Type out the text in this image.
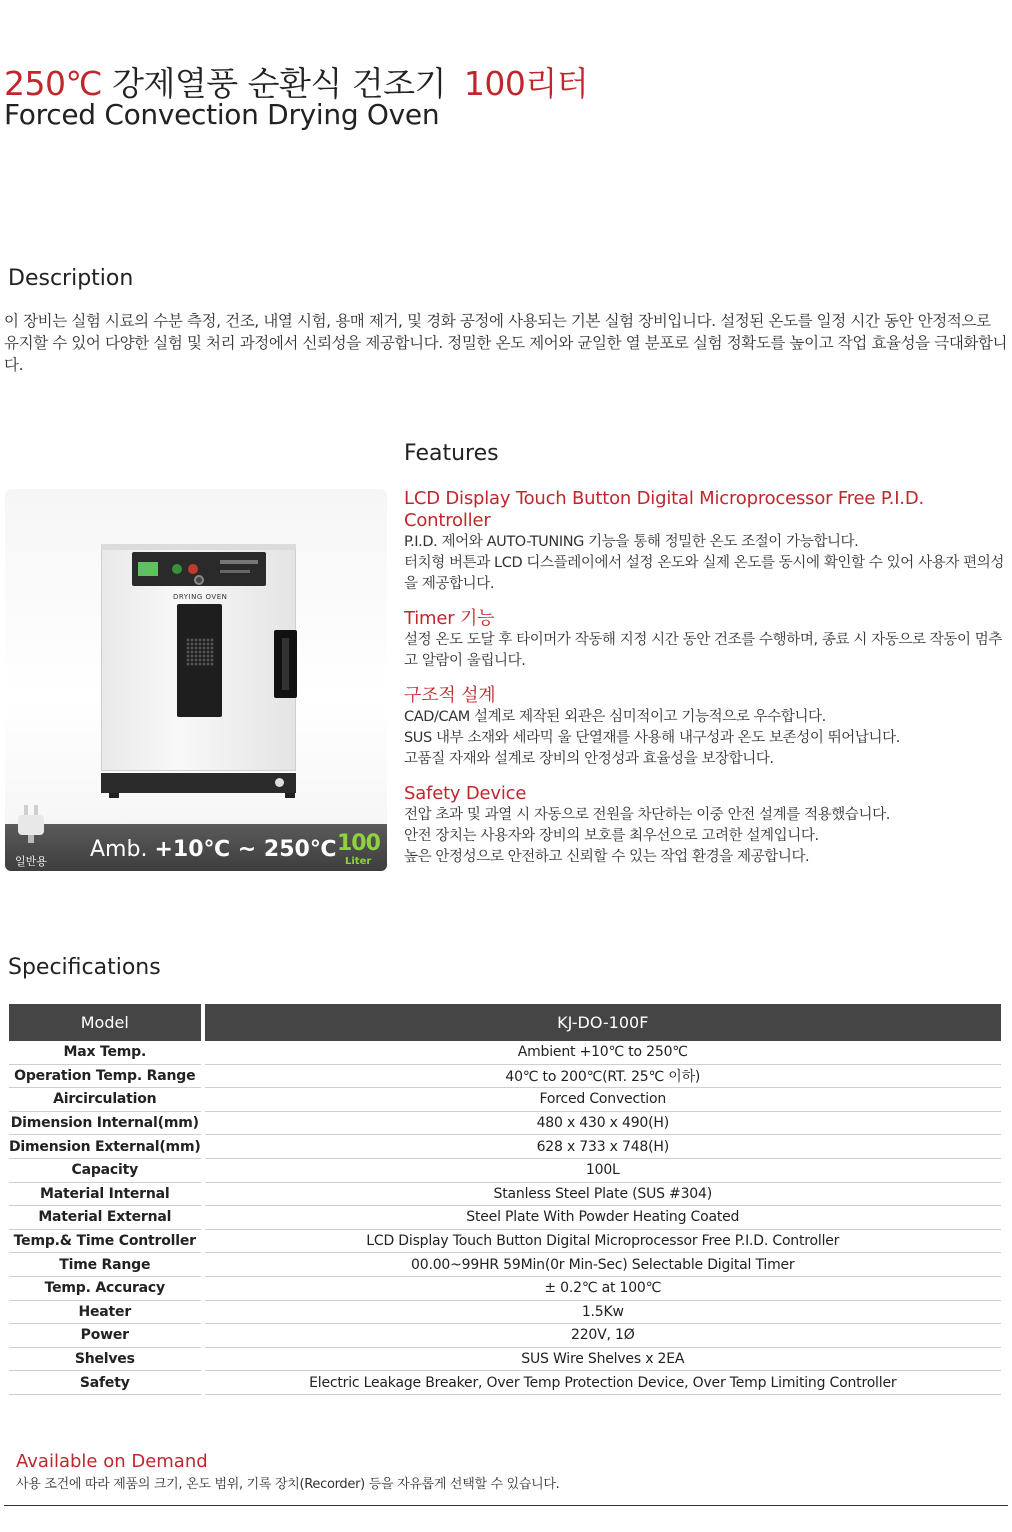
250℃ 강제열풍 순환식 건조기 100리터
Forced Convection Drying Oven
Description
이 장비는 실험 시료의 수분 측정, 건조, 내열 시험, 용매 제거, 및 경화 공정에 사용되는 기본 실험 장비입니다. 설정된 온도를 일정 시간 동안 안정적으로 유지할 수 있어 다양한 실험 및 처리 과정에서 신뢰성을 제공합니다. 정밀한 온도 제어와 균일한 열 분포로 실험 정확도를 높이고 작업 효율성을 극대화합니다.
DRYING OVEN
일반용 Amb. +10℃ ~ 250℃ 100
Liter
Features
LCD Display Touch Button Digital Microprocessor Free P.I.D. Controller

P.I.D. 제어와 AUTO-TUNING 기능을 통해 정밀한 온도 조절이 가능합니다.

터치형 버튼과 LCD 디스플레이에서 설정 온도와 실제 온도를 동시에 확인할 수 있어 사용자 편의성을 제공합니다.

Timer 기능

설정 온도 도달 후 타이머가 작동해 지정 시간 동안 건조를 수행하며, 종료 시 자동으로 작동이 멈추고 알람이 울립니다.

구조적 설계

CAD/CAM 설계로 제작된 외관은 심미적이고 기능적으로 우수합니다.

SUS 내부 소재와 세라믹 울 단열재를 사용해 내구성과 온도 보존성이 뛰어납니다.

고품질 자재와 설계로 장비의 안정성과 효율성을 보장합니다.

Safety Device

전압 초과 및 과열 시 자동으로 전원을 차단하는 이중 안전 설계를 적용했습니다.

안전 장치는 사용자와 장비의 보호를 최우선으로 고려한 설계입니다.

높은 안정성으로 안전하고 신뢰할 수 있는 작업 환경을 제공합니다.

Specifications
Model		KJ-DO-100F
Max Temp.		Ambient +10℃ to 250℃
Operation Temp. Range		40℃ to 200℃(RT. 25℃ 이하)
Aircirculation		Forced Convection
Dimension Internal(mm)		480 x 430 x 490(H)
Dimension External(mm)		628 x 733 x 748(H)
Capacity		100L
Material Internal		Stanless Steel Plate (SUS #304)
Material External		Steel Plate With Powder Heating Coated
Temp.& Time Controller		LCD Display Touch Button Digital Microprocessor Free P.I.D. Controller
Time Range		00.00~99HR 59Min(0r Min-Sec) Selectable Digital Timer
Temp. Accuracy		± 0.2℃ at 100℃
Heater		1.5Kw
Power		220V, 1Ø
Shelves		SUS Wire Shelves x 2EA
Safety		Electric Leakage Breaker, Over Temp Protection Device, Over Temp Limiting Controller
Available on Demand
사용 조건에 따라 제품의 크기, 온도 범위, 기록 장치(Recorder) 등을 자유롭게 선택할 수 있습니다.
